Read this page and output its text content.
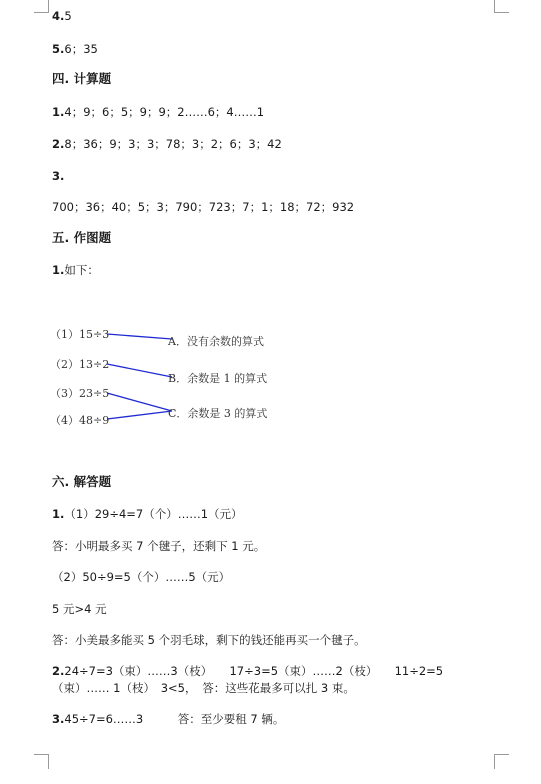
4.5
5.6；35
四. 计算题
1.4；9；6；5；9；9；2……6；4……1
2.8；36；9；3；3；78；3；2；6；3；42
3.
700；36；40；5；3；790；723；7；1；18；72；932
五. 作图题
1.如下：
（1）15÷3
（2）13÷2
（3）23÷5
（4）48÷9
A．没有余数的算式
B．余数是 1 的算式
C．余数是 3 的算式
六. 解答题
1.（1）29÷4=7（个）……1（元）
答：小明最多买 7 个毽子，还剩下 1 元。
（2）50÷9=5（个）……5（元）
5 元>4 元
答：小美最多能买 5 个羽毛球，剩下的钱还能再买一个毽子。
2.24÷7=3（束）……3（枝）　　17÷3=5（束）……2（枝）　　11÷2=5（束）…… 1（枝）　3<5，　答：这些花最多可以扎 3 束。
3.45÷7=6……3　　　答：至少要租 7 辆。
